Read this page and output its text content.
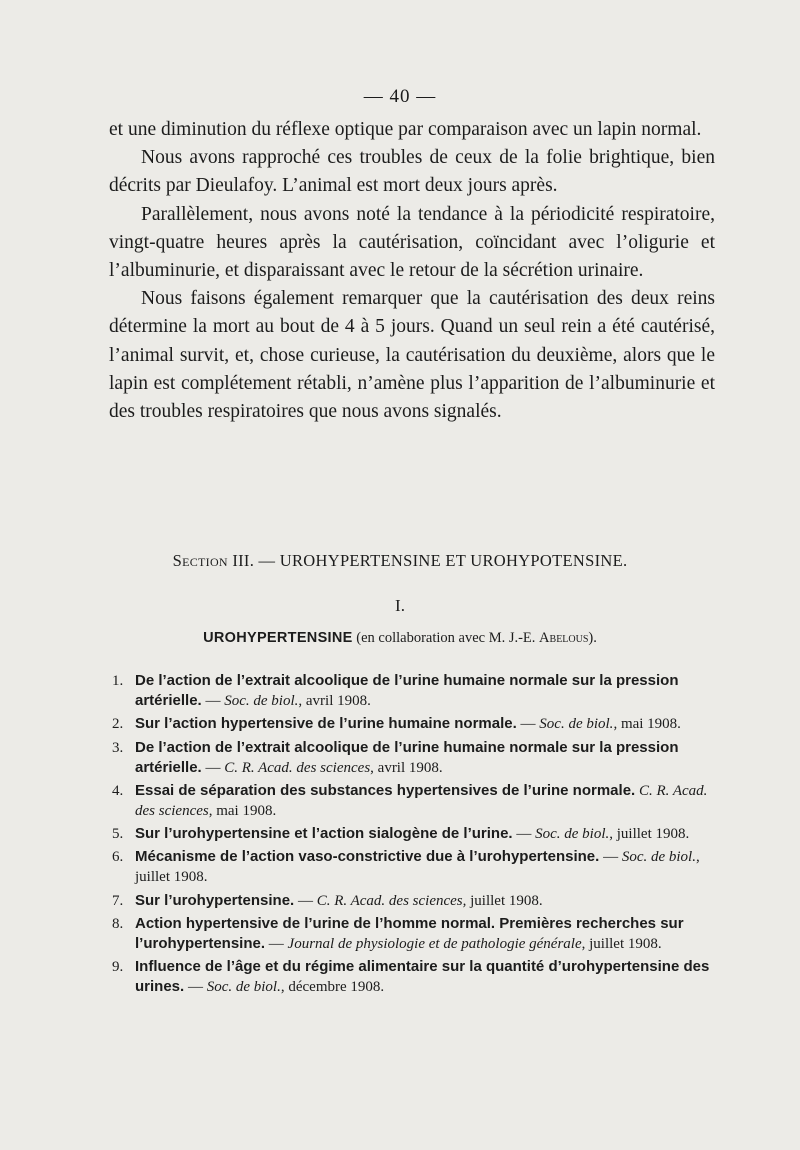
— 40 —

et une diminution du réflexe optique par comparaison avec un lapin normal.

Nous avons rapproché ces troubles de ceux de la folie brightique, bien décrits par Dieulafoy. L’animal est mort deux jours après.

Parallèlement, nous avons noté la tendance à la périodicité respiratoire, vingt-quatre heures après la cautérisation, coïncidant avec l’oligurie et l’albuminurie, et disparaissant avec le retour de la sécrétion urinaire.

Nous faisons également remarquer que la cautérisation des deux reins détermine la mort au bout de 4 à 5 jours. Quand un seul rein a été cautérisé, l’animal survit, et, chose curieuse, la cautérisation du deuxième, alors que le lapin est complétement rétabli, n’amène plus l’apparition de l’albuminurie et des troubles respiratoires que nous avons signalés.

Section III. — UROHYPERTENSINE ET UROHYPOTENSINE.
I.
UROHYPERTENSINE (en collaboration avec M. J.-E. Abelous).
1. De l’action de l’extrait alcoolique de l’urine humaine normale sur la pression artérielle. — Soc. de biol., avril 1908.
2. Sur l’action hypertensive de l’urine humaine normale. — Soc. de biol., mai 1908.
3. De l’action de l’extrait alcoolique de l’urine humaine normale sur la pression artérielle. — C. R. Acad. des sciences, avril 1908.
4. Essai de séparation des substances hypertensives de l’urine normale. C. R. Acad. des sciences, mai 1908.
5. Sur l’urohypertensine et l’action sialogène de l’urine. — Soc. de biol., juillet 1908.
6. Mécanisme de l’action vaso-constrictive due à l’urohypertensine. — Soc. de biol., juillet 1908.
7. Sur l’urohypertensine. — C. R. Acad. des sciences, juillet 1908.
8. Action hypertensive de l’urine de l’homme normal. Premières recherches sur l’urohypertensine. — Journal de physiologie et de pathologie générale, juillet 1908.
9. Influence de l’âge et du régime alimentaire sur la quantité d’urohypertensine des urines. — Soc. de biol., décembre 1908.
